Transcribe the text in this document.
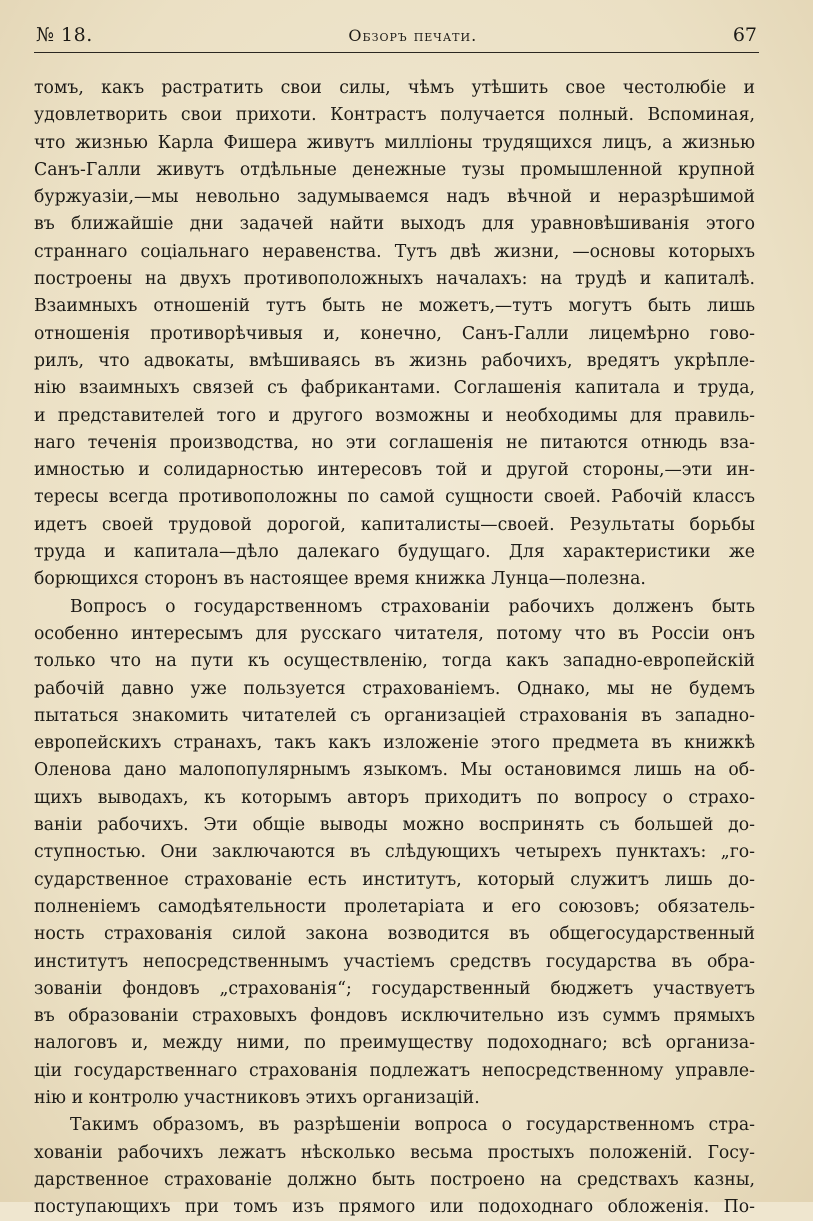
№ 18.	Обзоръ печати.	67

томъ, какъ растратить свои силы, чѣмъ утѣшить свое честолюбіе и
удовлетворить свои прихоти. Контрастъ получается полный. Вспоминая,
что жизнью Карла Фишера живутъ милліоны трудящихся лицъ, а жизнью
Санъ-Галли живутъ отдѣльные денежные тузы промышленной крупной
буржуазіи,—мы невольно задумываемся надъ вѣчной и неразрѣшимой
въ ближайшіе дни задачей найти выходъ для уравновѣшиванія этого
страннаго соціальнаго неравенства. Тутъ двѣ жизни, —основы которыхъ
построены на двухъ противоположныхъ началахъ: на трудѣ и капиталѣ.
Взаимныхъ отношеній тутъ быть не можетъ,—тутъ могутъ быть лишь
отношенія противорѣчивыя и, конечно, Санъ-Галли лицемѣрно гово-
рилъ, что адвокаты, вмѣшиваясь въ жизнь рабочихъ, вредятъ укрѣпле-
нію взаимныхъ связей съ фабрикантами. Соглашенія капитала и труда,
и представителей того и другого возможны и необходимы для правиль-
наго теченія производства, но эти соглашенія не питаются отнюдь вза-
имностью и солидарностью интересовъ той и другой стороны,—эти ин-
тересы всегда противоположны по самой сущности своей. Рабочій классъ
идетъ своей трудовой дорогой, капиталисты—своей. Результаты борьбы
труда и капитала—дѣло далекаго будущаго. Для характеристики же
борющихся сторонъ въ настоящее время книжка Лунца—полезна.

Вопросъ о государственномъ страхованіи рабочихъ долженъ быть
особенно интересымъ для русскаго читателя, потому что въ Россіи онъ
только что на пути къ осуществленію, тогда какъ западно-европейскій
рабочій давно уже пользуется страхованіемъ. Однако, мы не будемъ
пытаться знакомить читателей съ организаціей страхованія въ западно-
европейскихъ странахъ, такъ какъ изложеніе этого предмета въ книжкѣ
Оленова дано малопопулярнымъ языкомъ. Мы остановимся лишь на об-
щихъ выводахъ, къ которымъ авторъ приходитъ по вопросу о страхо-
ваніи рабочихъ. Эти общіе выводы можно воспринять съ большей до-
ступностью. Они заключаются въ слѣдующихъ четырехъ пунктахъ: „го-
сударственное страхованіе есть институтъ, который служитъ лишь до-
полненіемъ самодѣятельности пролетаріата и его союзовъ; обязатель-
ность страхованія силой закона возводится въ общегосударственный
институтъ непосредственнымъ участіемъ средствъ государства въ обра-
зованіи фондовъ „страхованія“; государственный бюджетъ участвуетъ
въ образованіи страховыхъ фондовъ исключительно изъ суммъ прямыхъ
налоговъ и, между ними, по преимуществу подоходнаго; всѣ организа-
ціи государственнаго страхованія подлежатъ непосредственному управле-
нію и контролю участниковъ этихъ организацій.

Такимъ образомъ, въ разрѣшеніи вопроса о государственномъ стра-
хованіи рабочихъ лежатъ нѣсколько весьма простыхъ положеній. Госу-
дарственное страхованіе должно быть построено на средствахъ казны,
поступающихъ при томъ изъ прямого или подоходнаго обложенія. По-
